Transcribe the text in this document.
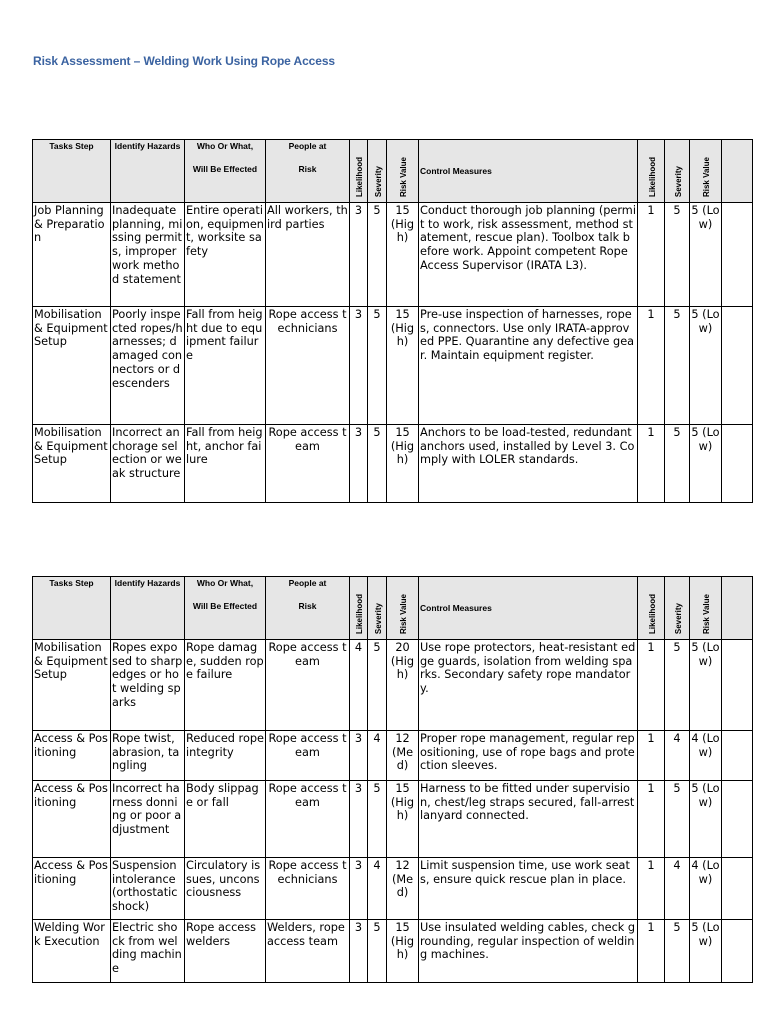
Risk Assessment – Welding Work Using Rope Access
Tasks Step	Identify Hazards	Who Or What,
Will Be Effected	People at
Risk	Likelihood	Severity	Risk Value	Control Measures	Likelihood	Severity	Risk Value	
Job Planning & Preparation	Inadequate planning, missing permits, improper work method statement	Entire operation, equipment, worksite safety	All workers, third parties	3	5	15 (High)	Conduct thorough job planning (permit to work, risk assessment, method statement, rescue plan). Toolbox talk before work. Appoint competent Rope Access Supervisor (IRATA L3).	1	5	5 (Low)	
Mobilisation & Equipment Setup	Poorly inspected ropes/harnesses; damaged connectors or descenders	Fall from height due to equipment failure	Rope access technicians	3	5	15 (High)	Pre-use inspection of harnesses, ropes, connectors. Use only IRATA-approved PPE. Quarantine any defective gear. Maintain equipment register.	1	5	5 (Low)	
Mobilisation & Equipment Setup	Incorrect anchorage selection or weak structure	Fall from height, anchor failure	Rope access team	3	5	15 (High)	Anchors to be load-tested, redundant anchors used, installed by Level 3. Comply with LOLER standards.	1	5	5 (Low)	
Tasks Step	Identify Hazards	Who Or What,
Will Be Effected	People at
Risk	Likelihood	Severity	Risk Value	Control Measures	Likelihood	Severity	Risk Value	
Mobilisation & Equipment Setup	Ropes exposed to sharp edges or hot welding sparks	Rope damage, sudden rope failure	Rope access team	4	5	20 (High)	Use rope protectors, heat-resistant edge guards, isolation from welding sparks. Secondary safety rope mandatory.	1	5	5 (Low)	
Access & Positioning	Rope twist, abrasion, tangling	Reduced rope integrity	Rope access team	3	4	12 (Med)	Proper rope management, regular repositioning, use of rope bags and protection sleeves.	1	4	4 (Low)	
Access & Positioning	Incorrect harness donning or poor adjustment	Body slippage or fall	Rope access team	3	5	15 (High)	Harness to be fitted under supervision, chest/leg straps secured, fall-arrest lanyard connected.	1	5	5 (Low)	
Access & Positioning	Suspension intolerance (orthostatic shock)	Circulatory issues, unconsciousness	Rope access technicians	3	4	12 (Med)	Limit suspension time, use work seats, ensure quick rescue plan in place.	1	4	4 (Low)	
Welding Work Execution	Electric shock from welding machine	Rope access welders	Welders, rope access team	3	5	15 (High)	Use insulated welding cables, check grounding, regular inspection of welding machines.	1	5	5 (Low)	
